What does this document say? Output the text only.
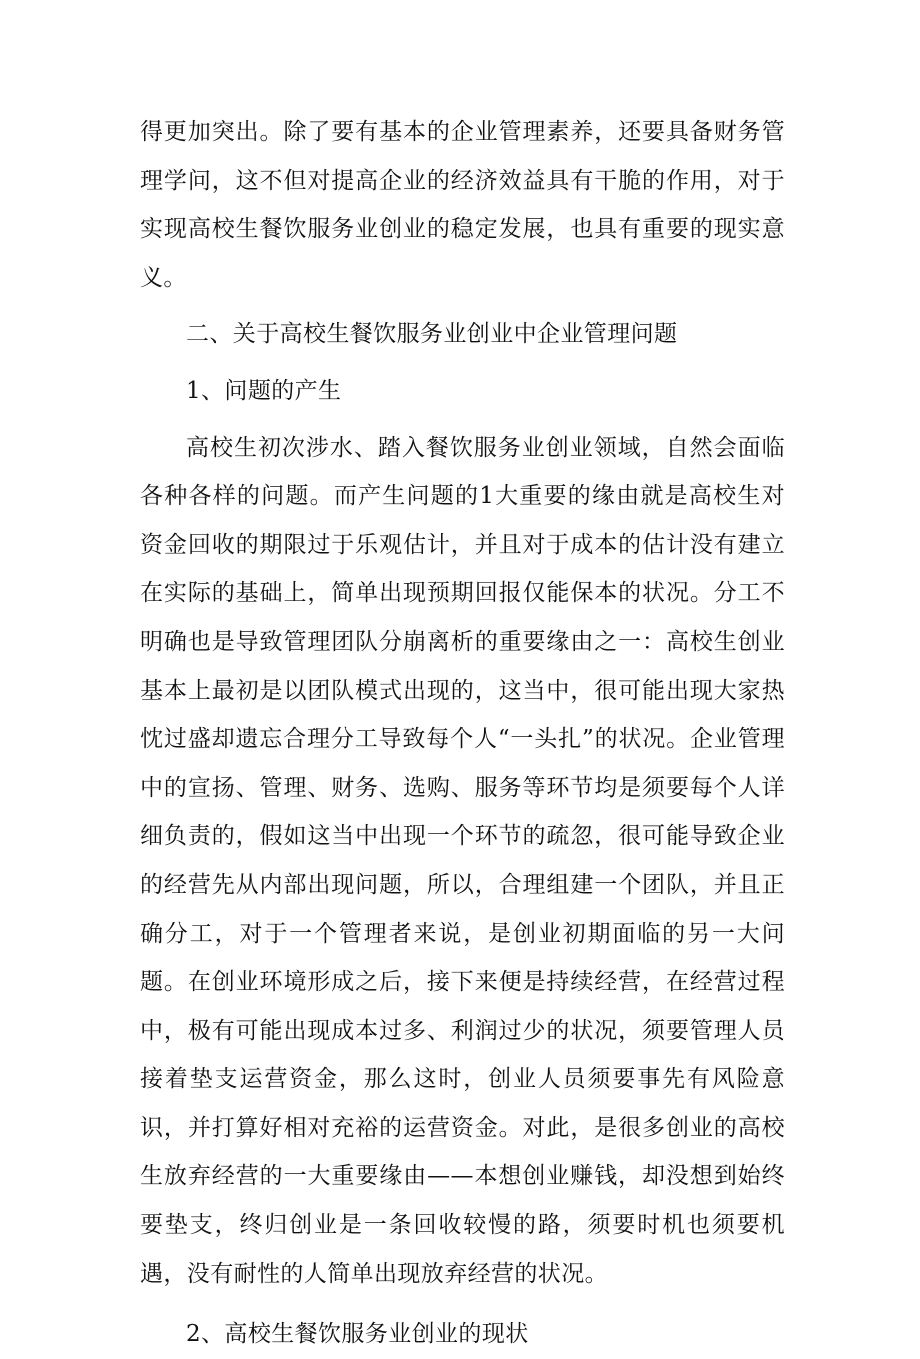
得更加突出。除了要有基本的企业管理素养，还要具备财务管理学问，这不但对提高企业的经济效益具有干脆的作用，对于实现高校生餐饮服务业创业的稳定发展，也具有重要的现实意义。

二、关于高校生餐饮服务业创业中企业管理问题

1、问题的产生

高校生初次涉水、踏入餐饮服务业创业领域，自然会面临各种各样的问题。而产生问题的1大重要的缘由就是高校生对资金回收的期限过于乐观估计，并且对于成本的估计没有建立在实际的基础上，简单出现预期回报仅能保本的状况。分工不明确也是导致管理团队分崩离析的重要缘由之一：高校生创业基本上最初是以团队模式出现的，这当中，很可能出现大家热忱过盛却遗忘合理分工导致每个人“一头扎”的状况。企业管理中的宣扬、管理、财务、选购、服务等环节均是须要每个人详细负责的，假如这当中出现一个环节的疏忽，很可能导致企业的经营先从内部出现问题，所以，合理组建一个团队，并且正确分工，对于一个管理者来说，是创业初期面临的另一大问题。在创业环境形成之后，接下来便是持续经营，在经营过程中，极有可能出现成本过多、利润过少的状况，须要管理人员接着垫支运营资金，那么这时，创业人员须要事先有风险意识，并打算好相对充裕的运营资金。对此，是很多创业的高校生放弃经营的一大重要缘由——本想创业赚钱，却没想到始终要垫支，终归创业是一条回收较慢的路，须要时机也须要机遇，没有耐性的人简单出现放弃经营的状况。

2、高校生餐饮服务业创业的现状
